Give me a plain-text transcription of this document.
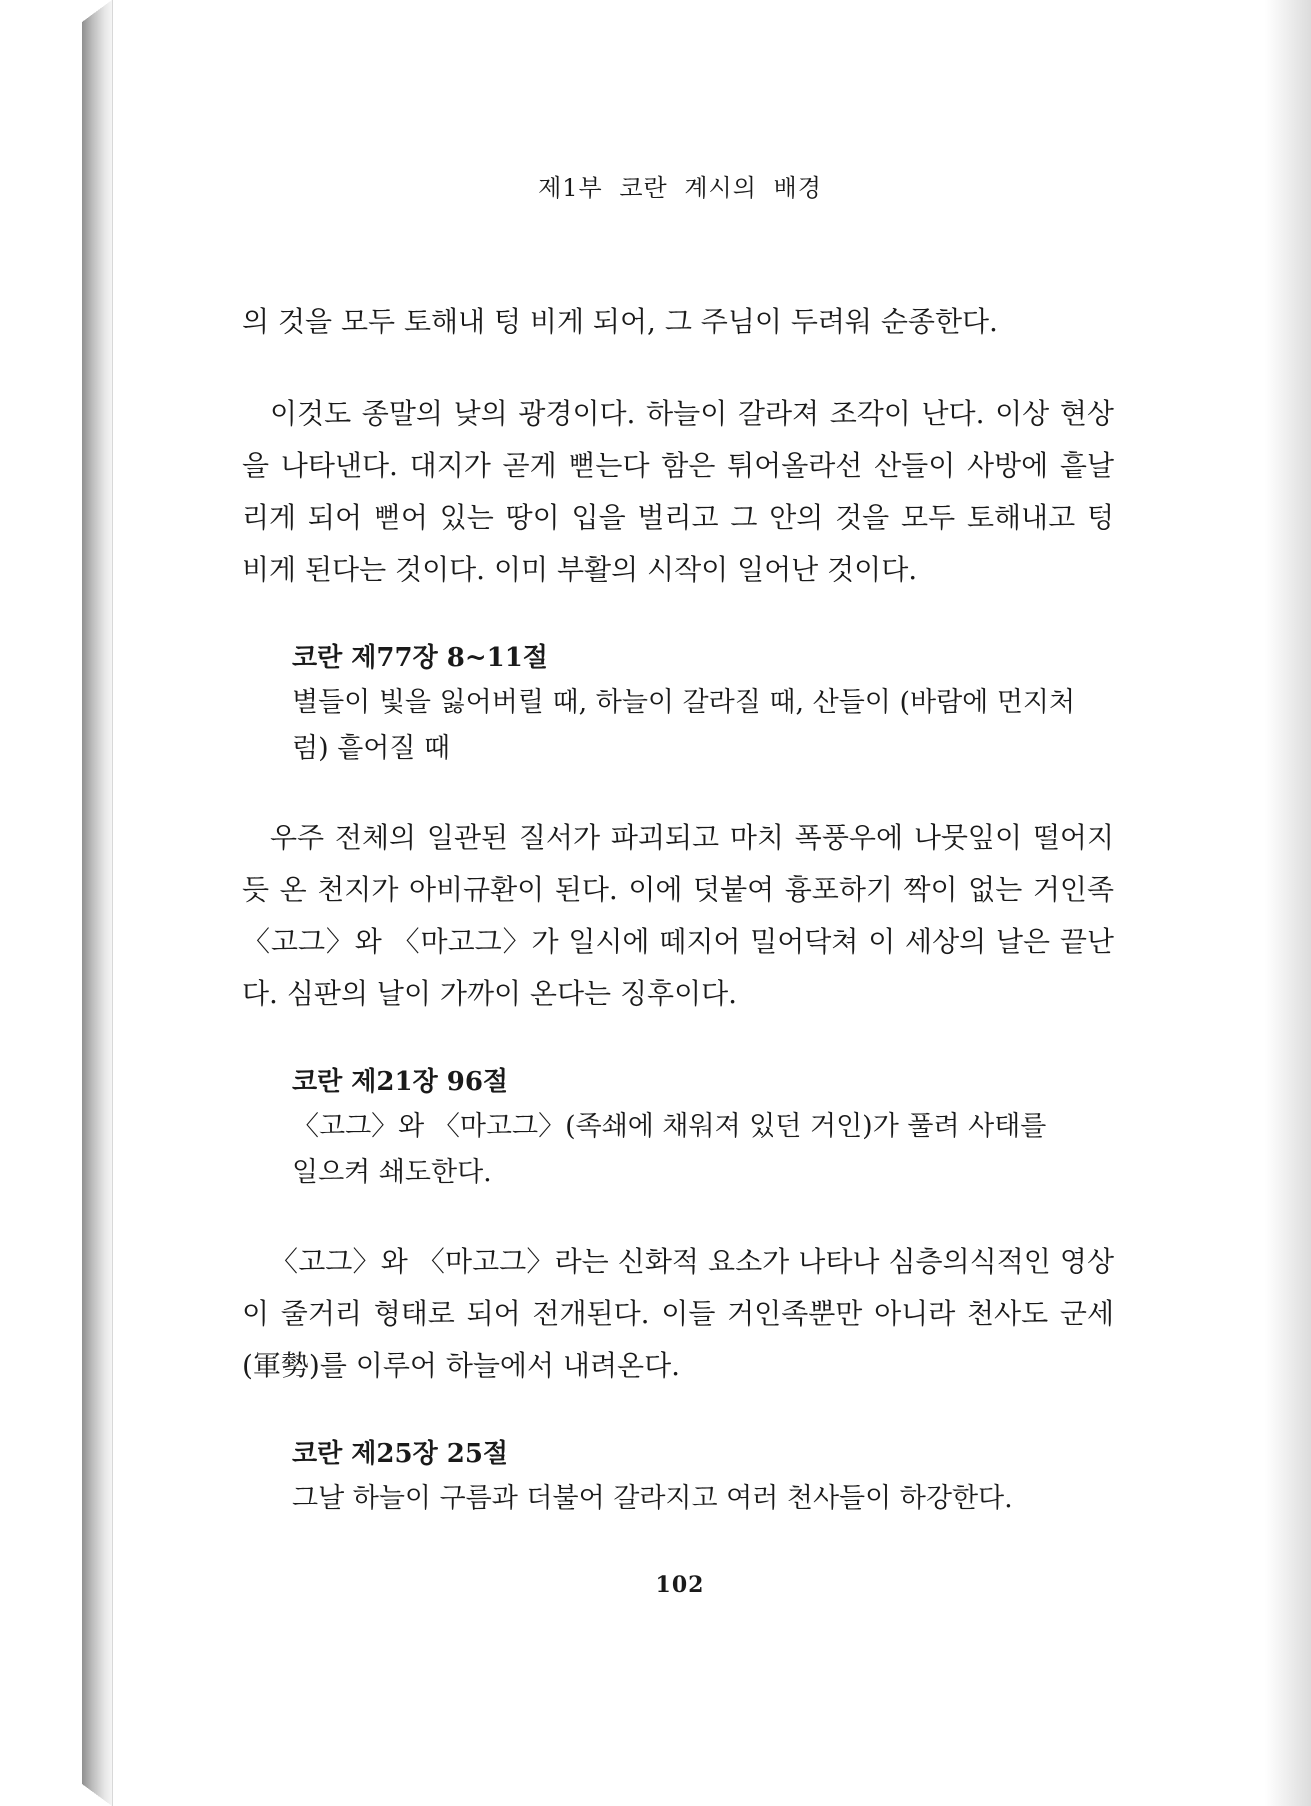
제1부 코란 계시의 배경

의 것을 모두 토해내 텅 비게 되어, 그 주님이 두려워 순종한다.

이것도 종말의 낮의 광경이다. 하늘이 갈라져 조각이 난다. 이상 현상을 나타낸다. 대지가 곧게 뻗는다 함은 튀어올라선 산들이 사방에 흩날리게 되어 뻗어 있는 땅이 입을 벌리고 그 안의 것을 모두 토해내고 텅 비게 된다는 것이다. 이미 부활의 시작이 일어난 것이다.

코란 제77장 8~11절

별들이 빛을 잃어버릴 때, 하늘이 갈라질 때, 산들이 (바람에 먼지처럼) 흩어질 때

우주 전체의 일관된 질서가 파괴되고 마치 폭풍우에 나뭇잎이 떨어지듯 온 천지가 아비규환이 된다. 이에 덧붙여 흉포하기 짝이 없는 거인족 〈고그〉와 〈마고그〉가 일시에 떼지어 밀어닥쳐 이 세상의 날은 끝난다. 심판의 날이 가까이 온다는 징후이다.

코란 제21장 96절

〈고그〉와 〈마고그〉(족쇄에 채워져 있던 거인)가 풀려 사태를 일으켜 쇄도한다.

〈고그〉와 〈마고그〉라는 신화적 요소가 나타나 심층의식적인 영상이 줄거리 형태로 되어 전개된다. 이들 거인족뿐만 아니라 천사도 군세(軍勢)를 이루어 하늘에서 내려온다.

코란 제25장 25절

그날 하늘이 구름과 더불어 갈라지고 여러 천사들이 하강한다.

102
